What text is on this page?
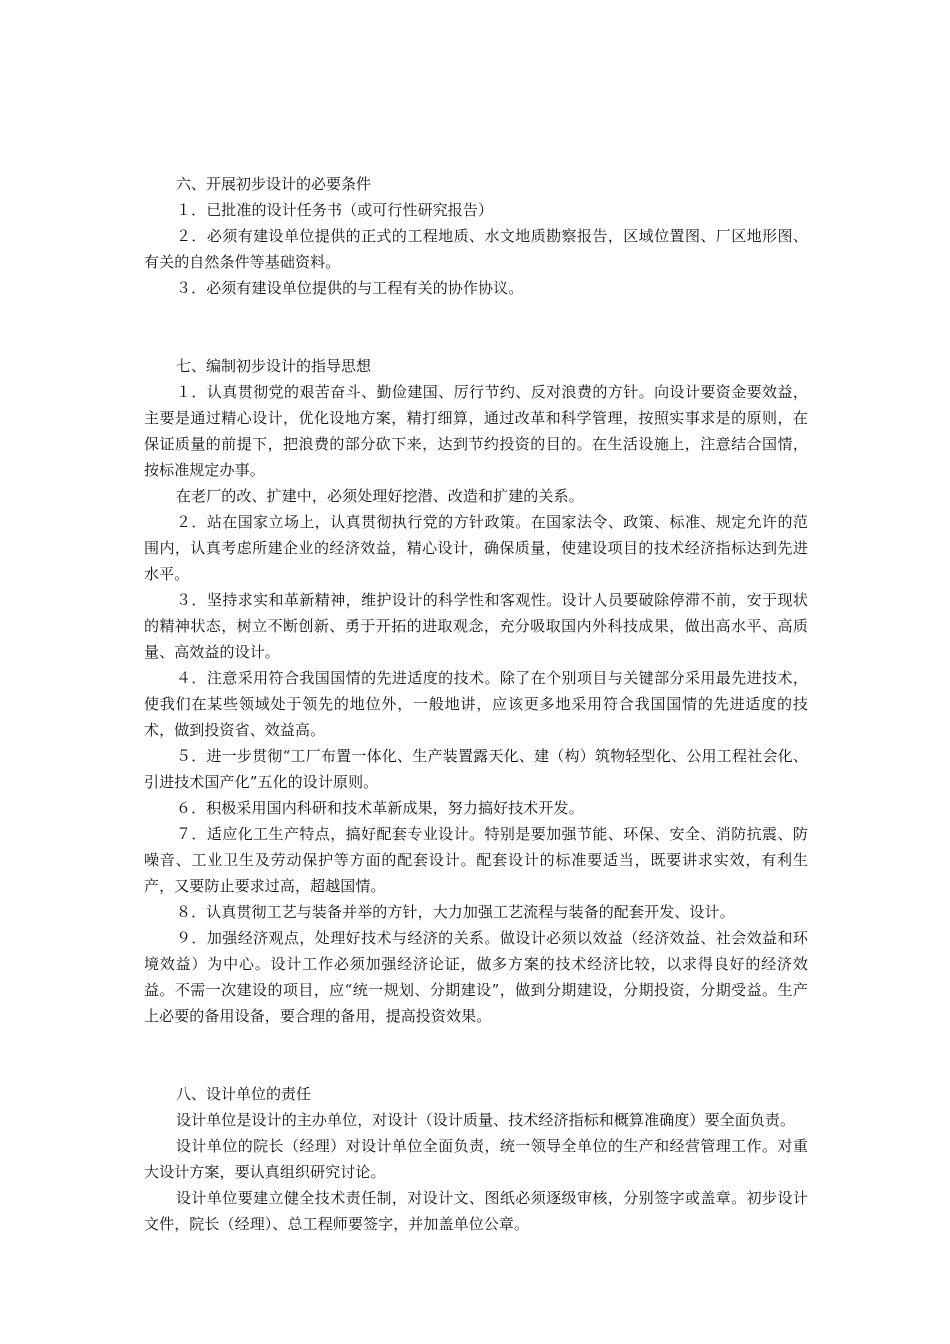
六、开展初步设计的必要条件

１．已批准的设计任务书（或可行性研究报告）

２．必须有建设单位提供的正式的工程地质、水文地质勘察报告，区域位置图、厂区地形图、有关的自然条件等基础资料。

３．必须有建设单位提供的与工程有关的协作协议。

七、编制初步设计的指导思想

１．认真贯彻党的艰苦奋斗、勤俭建国、厉行节约、反对浪费的方针。向设计要资金要效益，主要是通过精心设计，优化设地方案，精打细算，通过改革和科学管理，按照实事求是的原则，在保证质量的前提下，把浪费的部分砍下来，达到节约投资的目的。在生活设施上，注意结合国情，按标准规定办事。

在老厂的改、扩建中，必须处理好挖潜、改造和扩建的关系。

２．站在国家立场上，认真贯彻执行党的方针政策。在国家法令、政策、标准、规定允许的范围内，认真考虑所建企业的经济效益，精心设计，确保质量，使建设项目的技术经济指标达到先进水平。

３．坚持求实和革新精神，维护设计的科学性和客观性。设计人员要破除停滞不前，安于现状的精神状态，树立不断创新、勇于开拓的进取观念，充分吸取国内外科技成果，做出高水平、高质量、高效益的设计。

４．注意采用符合我国国情的先进适度的技术。除了在个别项目与关键部分采用最先进技术，使我们在某些领域处于领先的地位外，一般地讲，应该更多地采用符合我国国情的先进适度的技术，做到投资省、效益高。

５．进一步贯彻“工厂布置一体化、生产装置露天化、建（构）筑物轻型化、公用工程社会化、引进技术国产化”五化的设计原则。

６．积极采用国内科研和技术革新成果，努力搞好技术开发。

７．适应化工生产特点，搞好配套专业设计。特别是要加强节能、环保、安全、消防抗震、防噪音、工业卫生及劳动保护等方面的配套设计。配套设计的标准要适当，既要讲求实效，有利生产，又要防止要求过高，超越国情。

８．认真贯彻工艺与装备并举的方针，大力加强工艺流程与装备的配套开发、设计。

９．加强经济观点，处理好技术与经济的关系。做设计必须以效益（经济效益、社会效益和环境效益）为中心。设计工作必须加强经济论证，做多方案的技术经济比较，以求得良好的经济效益。不需一次建设的项目，应“统一规划、分期建设”，做到分期建设，分期投资，分期受益。生产上必要的备用设备，要合理的备用，提高投资效果。

八、设计单位的责任

设计单位是设计的主办单位，对设计（设计质量、技术经济指标和概算准确度）要全面负责。

设计单位的院长（经理）对设计单位全面负责，统一领导全单位的生产和经营管理工作。对重大设计方案，要认真组织研究讨论。

设计单位要建立健全技术责任制，对设计文、图纸必须逐级审核，分别签字或盖章。初步设计文件，院长（经理）、总工程师要签字，并加盖单位公章。
